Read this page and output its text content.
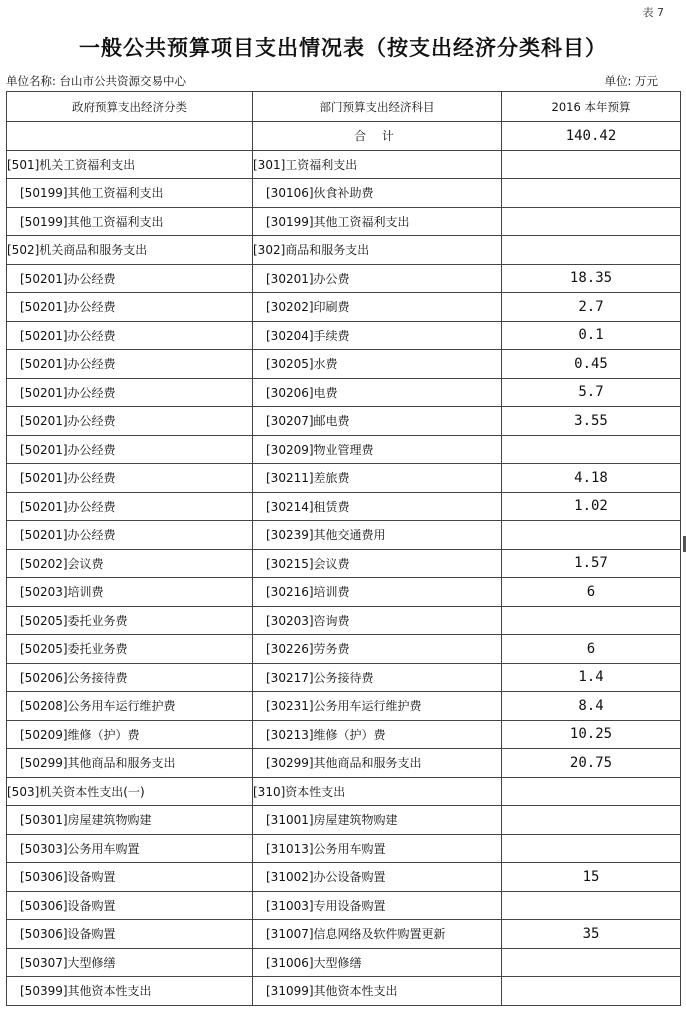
表 7
一般公共预算项目支出情况表（按支出经济分类科目）
单位名称: 台山市公共资源交易中心	单位: 万元
政府预算支出经济分类	部门预算支出经济科目	2016 本年预算
	合 计	140.42
[501]机关工资福利支出	[301]工资福利支出	
[50199]其他工资福利支出	[30106]伙食补助费	
[50199]其他工资福利支出	[30199]其他工资福利支出	
[502]机关商品和服务支出	[302]商品和服务支出	
[50201]办公经费	[30201]办公费	18.35
[50201]办公经费	[30202]印刷费	2.7
[50201]办公经费	[30204]手续费	0.1
[50201]办公经费	[30205]水费	0.45
[50201]办公经费	[30206]电费	5.7
[50201]办公经费	[30207]邮电费	3.55
[50201]办公经费	[30209]物业管理费	
[50201]办公经费	[30211]差旅费	4.18
[50201]办公经费	[30214]租赁费	1.02
[50201]办公经费	[30239]其他交通费用	
[50202]会议费	[30215]会议费	1.57
[50203]培训费	[30216]培训费	6
[50205]委托业务费	[30203]咨询费	
[50205]委托业务费	[30226]劳务费	6
[50206]公务接待费	[30217]公务接待费	1.4
[50208]公务用车运行维护费	[30231]公务用车运行维护费	8.4
[50209]维修（护）费	[30213]维修（护）费	10.25
[50299]其他商品和服务支出	[30299]其他商品和服务支出	20.75
[503]机关资本性支出(一)	[310]资本性支出	
[50301]房屋建筑物购建	[31001]房屋建筑物购建	
[50303]公务用车购置	[31013]公务用车购置	
[50306]设备购置	[31002]办公设备购置	15
[50306]设备购置	[31003]专用设备购置	
[50306]设备购置	[31007]信息网络及软件购置更新	35
[50307]大型修缮	[31006]大型修缮	
[50399]其他资本性支出	[31099]其他资本性支出	
